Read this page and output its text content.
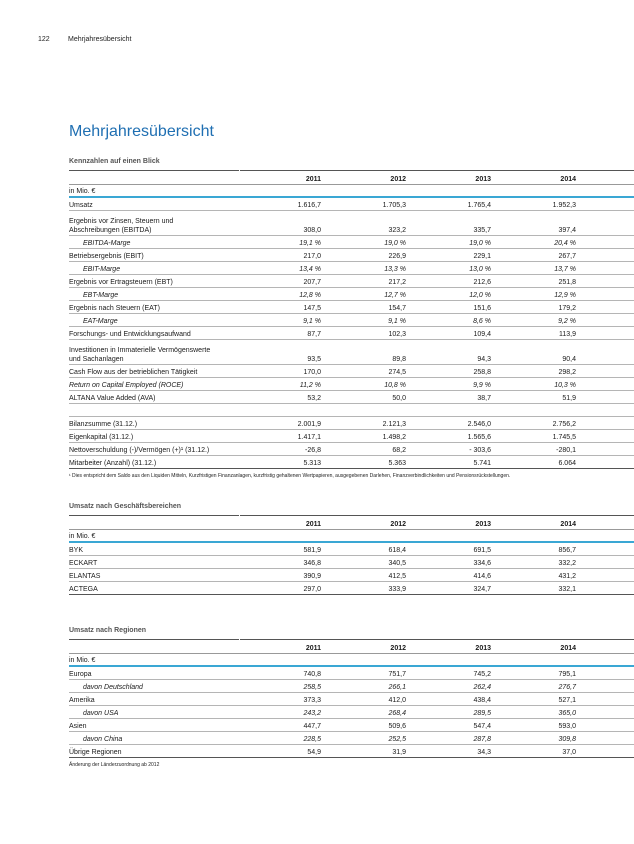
122	Mehrjahresübersicht
Mehrjahresübersicht
Kennzahlen auf einen Blick
	2011	2012	2013	2014	
in Mio. €					
Umsatz	1.616,7	1.705,3	1.765,4	1.952,3	
Ergebnis vor Zinsen, Steuern und Abschreibungen (EBITDA)	308,0	323,2	335,7	397,4	
EBITDA-Marge	19,1 %	19,0 %	19,0 %	20,4 %	
Betriebsergebnis (EBIT)	217,0	226,9	229,1	267,7	
EBIT-Marge	13,4 %	13,3 %	13,0 %	13,7 %	
Ergebnis vor Ertragsteuern (EBT)	207,7	217,2	212,6	251,8	
EBT-Marge	12,8 %	12,7 %	12,0 %	12,9 %	
Ergebnis nach Steuern (EAT)	147,5	154,7	151,6	179,2	
EAT-Marge	9,1 %	9,1 %	8,6 %	9,2 %	
Forschungs- und Entwicklungsaufwand	87,7	102,3	109,4	113,9	
Investitionen in Immaterielle Vermögenswerte und Sachanlagen	93,5	89,8	94,3	90,4	
Cash Flow aus der betrieblichen Tätigkeit	170,0	274,5	258,8	298,2	
Return on Capital Employed (ROCE)	11,2 %	10,8 %	9,9 %	10,3 %	
ALTANA Value Added (AVA)	53,2	50,0	38,7	51,9	

Bilanzsumme (31.12.)	2.001,9	2.121,3	2.546,0	2.756,2	
Eigenkapital (31.12.)	1.417,1	1.498,2	1.565,6	1.745,5	
Nettoverschuldung (-)/Vermögen (+)¹ (31.12.)	-26,8	68,2	- 303,6	-280,1	
Mitarbeiter (Anzahl) (31.12.)	5.313	5.363	5.741	6.064	
¹ Dies entspricht dem Saldo aus den Liquiden Mitteln, Kurzfristigen Finanzanlagen, kurzfristig gehaltenen Wertpapieren, ausgegebenen Darlehen, Finanzverbindlichkeiten und Pensionsrückstellungen.
Umsatz nach Geschäftsbereichen
	2011	2012	2013	2014	
in Mio. €					
BYK	581,9	618,4	691,5	856,7	
ECKART	346,8	340,5	334,6	332,2	
ELANTAS	390,9	412,5	414,6	431,2	
ACTEGA	297,0	333,9	324,7	332,1	
Umsatz nach Regionen
	2011	2012	2013	2014	
in Mio. €					
Europa	740,8	751,7	745,2	795,1	
davon Deutschland	258,5	266,1	262,4	276,7	
Amerika	373,3	412,0	438,4	527,1	
davon USA	243,2	268,4	289,5	365,0	
Asien	447,7	509,6	547,4	593,0	
davon China	228,5	252,5	287,8	309,8	
Übrige Regionen	54,9	31,9	34,3	37,0	
Änderung der Länderzuordnung ab 2012
